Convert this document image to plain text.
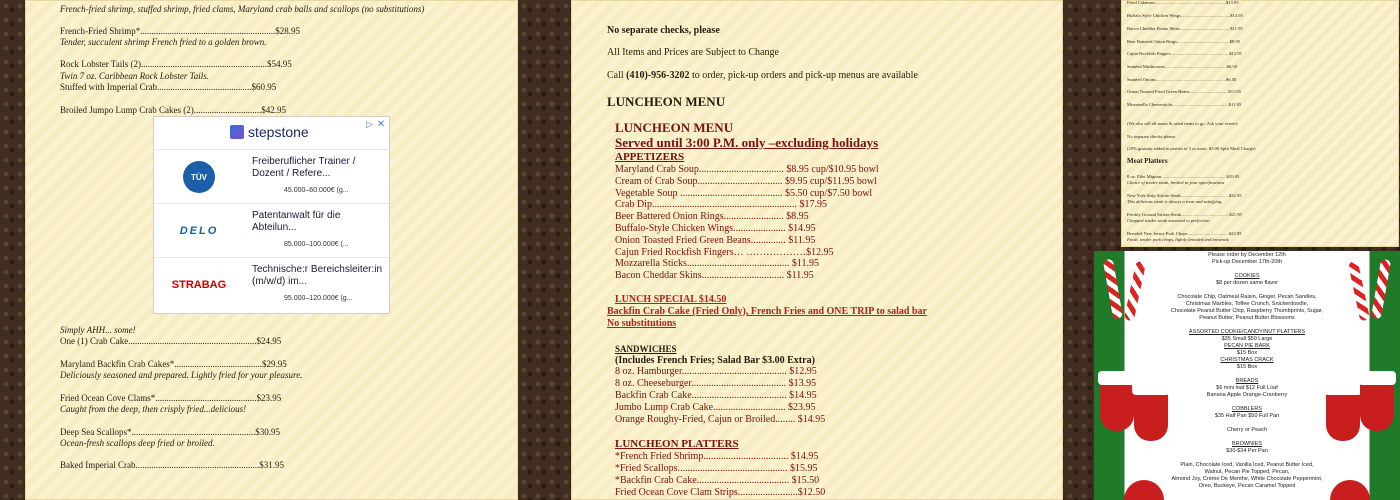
French-fried shrimp, stuffed shrimp, fried clams, Maryland crab balls and scallops (no substitutions)
French-Fried Shrimp*............................................................$28.95
Tender, succulent shrimp French fried to a golden brown.
Rock Lobster Tails (2)........................................................$54.95
Twin 7 oz. Caribbean Rock Lobster Tails.
Stuffed with Imperial Crab..........................................$60.95
Broiled Jumpo Lump Crab Cakes (2)..............................$42.95
stepstone	▷ ✕
TÜV
Freiberuflicher Trainer / Dozent / Refere...
45.000–60.000€ (g...
DELO
Patentanwalt für die Abteilun...
85.000–100.000€ (...
STRABAG
Technische:r Bereichsleiter:in (m/w/d) im...
95.000–120.000€ (g...
Simply AHH... some!
One (1) Crab Cake.........................................................$24.95
Maryland Backfin Crab Cakes*.......................................$29.95
Deliciously seasoned and prepared. Lightly fried for your pleasure.
Fried Ocean Cove Clams*.............................................$23.95
Caught from the deep, then crisply fried...delicious!
Deep Sea Scallops*.......................................................$30.95
Ocean-fresh scallops deep fried or broiled.
Baked Imperial Crab.......................................................$31.95
No separate checks, please
All Items and Prices are Subject to Change
Call (410)-956-3202 to order, pick-up orders and pick-up menus are available
LUNCHEON MENU
LUNCHEON MENU
Served until 3:00 P.M. only –excluding holidays
APPETIZERS
Maryland Crab Soup.................................. $8.95 cup/$10.95 bowl
Cream of Crab Soup.................................. $9.95 cup/$11.95 bowl
Vegetable Soup ......................................... $5.50 cup/$7.50 bowl
Crab Dip.......................................................... $17.95
Beer Battered Onion Rings........................ $8.95
Buffalo-Style Chicken Wings..................... $14.95
Onion Toasted Fried Green Beans.............. $11.95
Cajun Fried Rockfish Fingers… ………………$12.95
Mozzarella Sticks......................................... $11.95
Bacon Cheddar Skins................................. $11.95
LUNCH SPECIAL $14.50
Backfin Crab Cake (Fried Only), French Fries and ONE TRIP to salad bar
No substitutions
SANDWICHES
(Includes French Fries; Salad Bar $3.00 Extra)
8 oz. Hamburger.......................................... $12.95
8 oz. Cheeseburger...................................... $13.95
Backfin Crab Cake...................................... $14.95
Jumbo Lump Crab Cake............................. $23.95
Orange Roughy-Fried, Cajun or Broiled........ $14.95
LUNCHEON PLATTERS
*French Fried Shrimp.................................. $14.95
*Fried Scallops............................................ $15.95
*Backfin Crab Cake..................................... $15.50
Fried Ocean Cove Clam Strips........................$12.50
Fried Calamari..............................................................$13.95
Buffalo Style Chicken Wings...........................................$14.95
Bacon Cheddar Potato Skins............................................$11.95
Beer Battered Onion Rings..............................................$8.95
Cajun Rockfish Fingers...................................................$12.95
Sautéed Mushrooms......................................................$6.50
Sautéed Onions.............................................................$6.50
Onion Toasted Fried Green Beans..................................$11.95
Mozzarella Cheesesticks.................................................$11.95
(We also sell all menu & salad items to go. Ask your server)
No separate checks please.
(20% gratuity added to parties of 5 or more. $3.00 Split Meal Charge)
Meat Platters
8 oz. Filet Mignon.........................................................$29.95
Choice of tender steak, broiled to your specifications
New York Strip Sirloin Steak..........................................$32.95
This delicious steak is always a treat and satisfying.
Freshly Ground Sirloin Steak..........................................$21.95
Chopped tender steak seasoned to perfection
Breaded New Jersey Pork Chops....................................$23.95
Fresh, tender pork chops, lightly breaded and browned.
Please order by December 12th
Pick-up December 17th-20th
COOKIES
$8 per dozen same flavor
Chocolate Chip, Oatmeal Raisin, Ginger, Pecan Sandies,
Christmas Marbles, Toffee Crunch, Snickerdoodle,
Chocolate Peanut Butter Chip, Raspberry Thumbprints, Sugar,
Peanut Butter, Peanut Butter Blossoms
ASSORTED COOKIE/CANDY/NUT PLATTERS
$35 Small $50 Large
PECAN PIE BARK
$15 Box
CHRISTMAS CRACK
$15 Box
BREADS
$6 mini loaf $12 Full Loaf
Banana Apple Orange-Cranberry
COBBLERS
$35 Half Pan $50 Full Pan
Cherry or Peach
BROWNIES
$30-$34 Per Pan
Plain, Chocolate Iced, Vanilla Iced, Peanut Butter Iced,
Walnut, Pecan Pie Topped, Pecan,
Almond Joy, Crème De Menthe, White Chocolate Peppermint,
Oreo, Buckeye, Pecan Caramel Topped
